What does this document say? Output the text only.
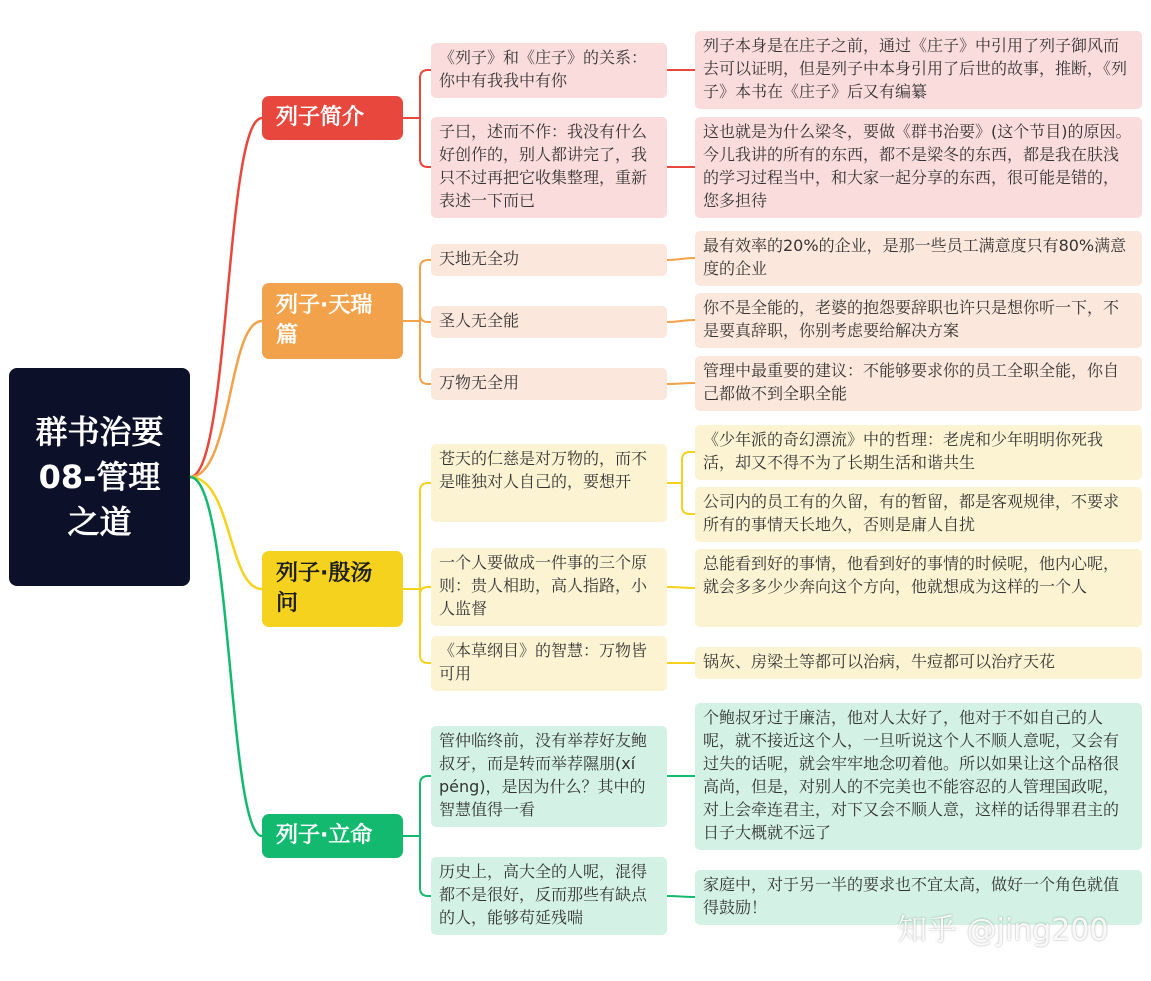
群书治要08-管理之道
列子简介
《列子》和《庄子》的关系：你中有我我中有你
子曰，述而不作：我没有什么好创作的，别人都讲完了，我只不过再把它收集整理，重新表述一下而已
列子本身是在庄子之前，通过《庄子》中引用了列子御风而去可以证明，但是列子中本身引用了后世的故事，推断，《列子》本书在《庄子》后又有编纂
这也就是为什么梁冬，要做《群书治要》(这个节目)的原因。今儿我讲的所有的东西，都不是梁冬的东西，都是我在肤浅的学习过程当中，和大家一起分享的东西，很可能是错的，您多担待
列子·天瑞篇
天地无全功
圣人无全能
万物无全用
最有效率的20%的企业，是那一些员工满意度只有80%满意度的企业
你不是全能的，老婆的抱怨要辞职也许只是想你听一下，不是要真辞职，你别考虑要给解决方案
管理中最重要的建议：不能够要求你的员工全职全能，你自己都做不到全职全能
列子·殷汤问
苍天的仁慈是对万物的，而不是唯独对人自己的，要想开
一个人要做成一件事的三个原则：贵人相助，高人指路，小人监督
《本草纲目》的智慧：万物皆可用
《少年派的奇幻漂流》中的哲理：老虎和少年明明你死我活，却又不得不为了长期生活和谐共生
公司内的员工有的久留，有的暂留，都是客观规律，不要求所有的事情天长地久，否则是庸人自扰
总能看到好的事情，他看到好的事情的时候呢，他内心呢，就会多多少少奔向这个方向，他就想成为这样的一个人
锅灰、房梁土等都可以治病，牛痘都可以治疗天花
列子·立命
管仲临终前，没有举荐好友鲍叔牙，而是转而举荐隰朋(xí péng)，是因为什么？其中的智慧值得一看
历史上，高大全的人呢，混得都不是很好，反而那些有缺点的人，能够苟延残喘
个鲍叔牙过于廉洁，他对人太好了，他对于不如自己的人呢，就不接近这个人，一旦听说这个人不顺人意呢，又会有过失的话呢，就会牢牢地念叨着他。所以如果让这个品格很高尚，但是，对别人的不完美也不能容忍的人管理国政呢，对上会牵连君主，对下又会不顺人意，这样的话得罪君主的日子大概就不远了
家庭中，对于另一半的要求也不宜太高，做好一个角色就值得鼓励！
知乎 @jing200
